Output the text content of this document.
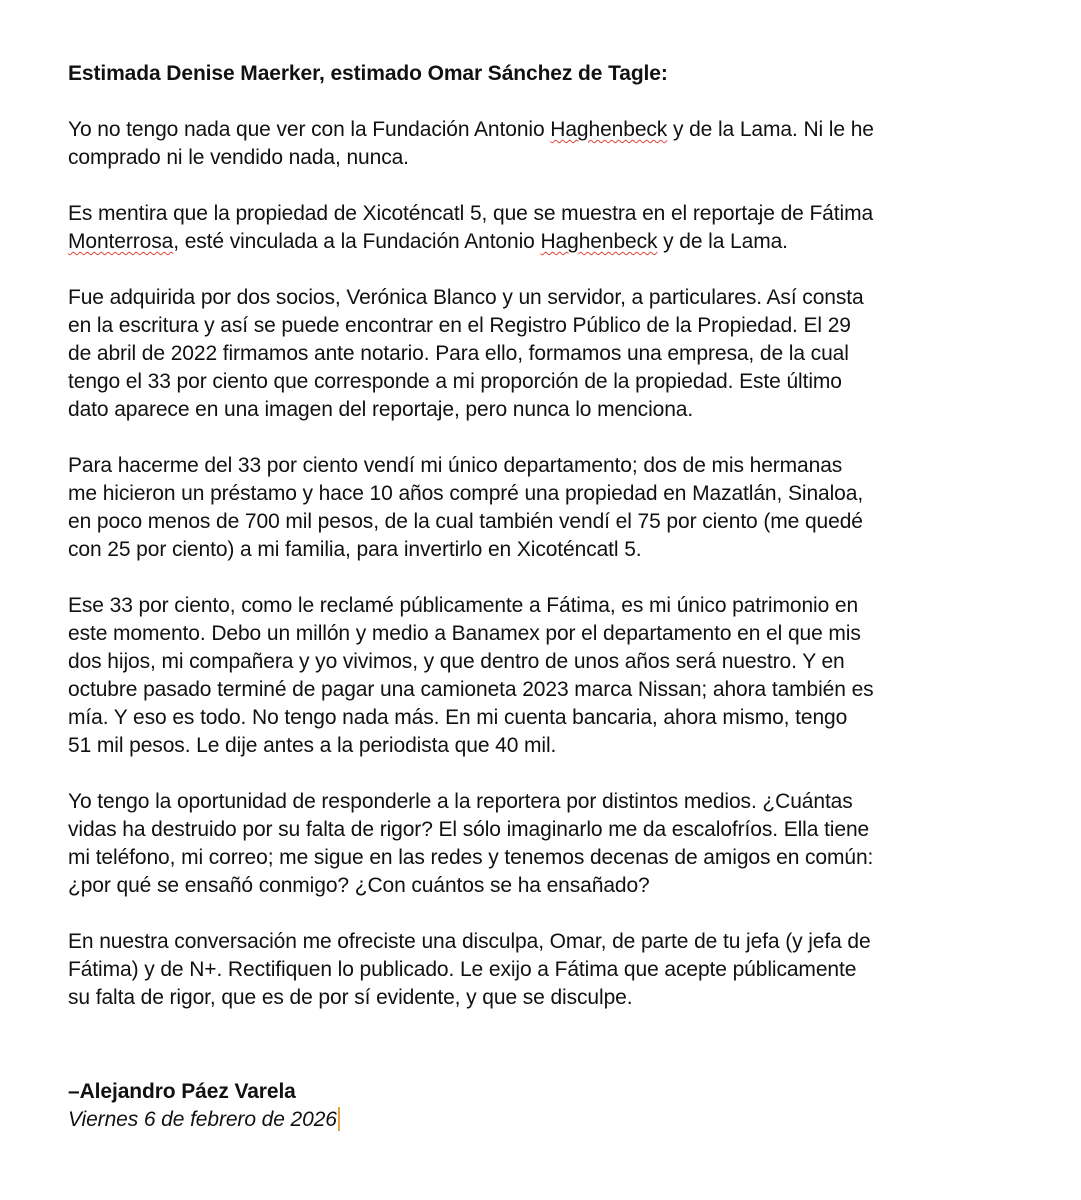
Estimada Denise Maerker, estimado Omar Sánchez de Tagle:
Yo no tengo nada que ver con la Fundación Antonio Haghenbeck y de la Lama. Ni le he
comprado ni le vendido nada, nunca.
Es mentira que la propiedad de Xicoténcatl 5, que se muestra en el reportaje de Fátima
Monterrosa, esté vinculada a la Fundación Antonio Haghenbeck y de la Lama.
Fue adquirida por dos socios, Verónica Blanco y un servidor, a particulares. Así consta
en la escritura y así se puede encontrar en el Registro Público de la Propiedad. El 29
de abril de 2022 firmamos ante notario. Para ello, formamos una empresa, de la cual
tengo el 33 por ciento que corresponde a mi proporción de la propiedad. Este último
dato aparece en una imagen del reportaje, pero nunca lo menciona.
Para hacerme del 33 por ciento vendí mi único departamento; dos de mis hermanas
me hicieron un préstamo y hace 10 años compré una propiedad en Mazatlán, Sinaloa,
en poco menos de 700 mil pesos, de la cual también vendí el 75 por ciento (me quedé
con 25 por ciento) a mi familia, para invertirlo en Xicoténcatl 5.
Ese 33 por ciento, como le reclamé públicamente a Fátima, es mi único patrimonio en
este momento. Debo un millón y medio a Banamex por el departamento en el que mis
dos hijos, mi compañera y yo vivimos, y que dentro de unos años será nuestro. Y en
octubre pasado terminé de pagar una camioneta 2023 marca Nissan; ahora también es
mía. Y eso es todo. No tengo nada más. En mi cuenta bancaria, ahora mismo, tengo
51 mil pesos. Le dije antes a la periodista que 40 mil.
Yo tengo la oportunidad de responderle a la reportera por distintos medios. ¿Cuántas
vidas ha destruido por su falta de rigor? El sólo imaginarlo me da escalofríos. Ella tiene
mi teléfono, mi correo; me sigue en las redes y tenemos decenas de amigos en común:
¿por qué se ensañó conmigo? ¿Con cuántos se ha ensañado?
En nuestra conversación me ofreciste una disculpa, Omar, de parte de tu jefa (y jefa de
Fátima) y de N+. Rectifiquen lo publicado. Le exijo a Fátima que acepte públicamente
su falta de rigor, que es de por sí evidente, y que se disculpe.
–Alejandro Páez Varela
Viernes 6 de febrero de 2026
